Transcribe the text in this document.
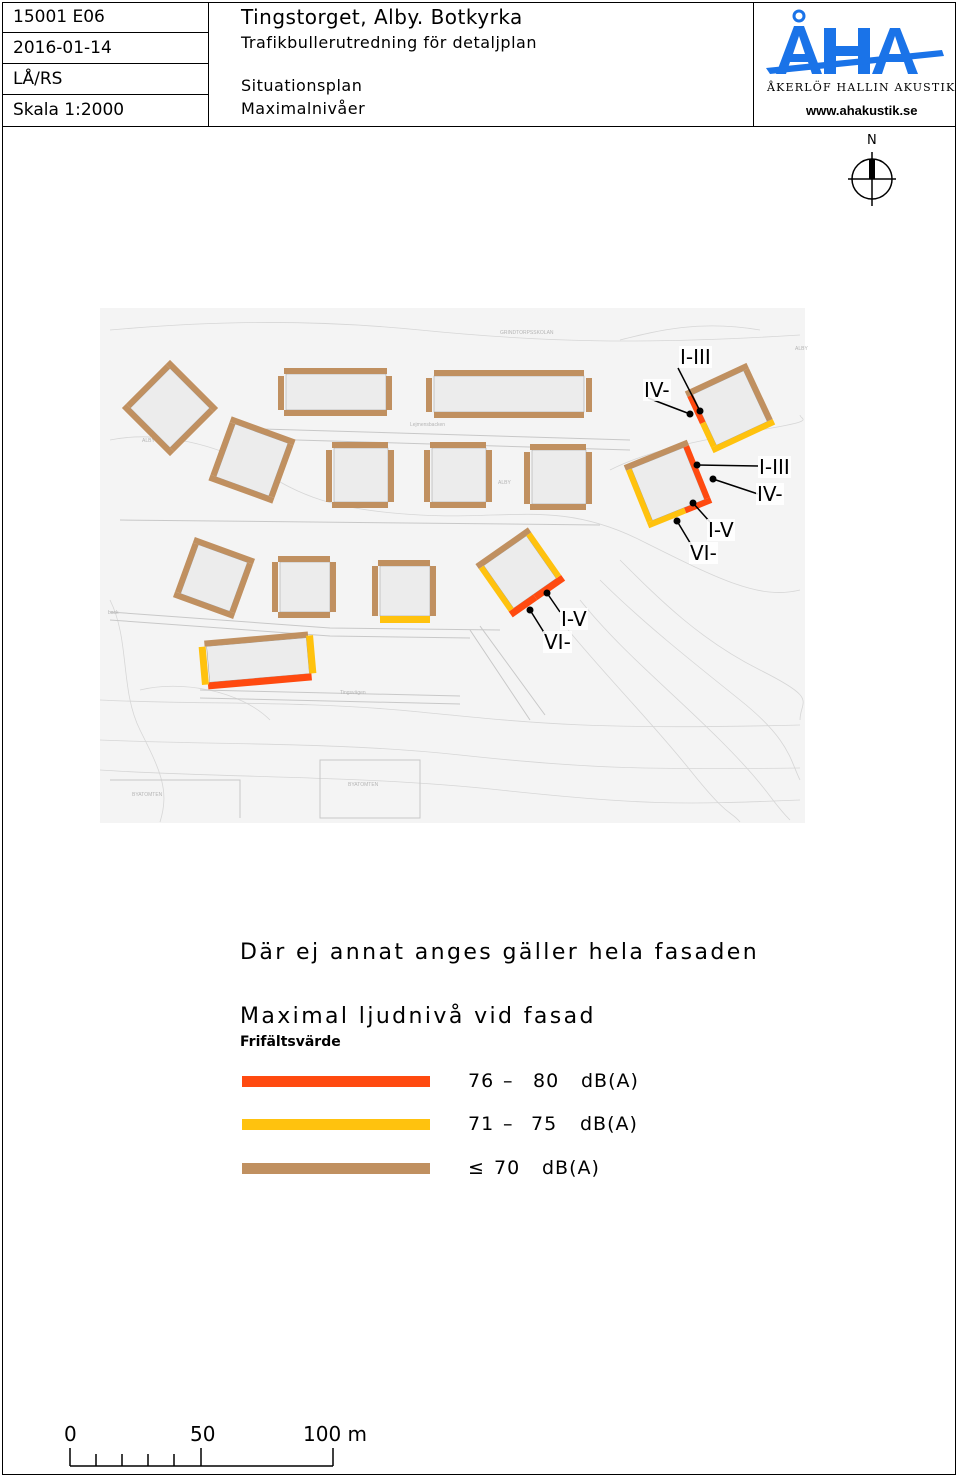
15001 E06
2016-01-14
LÅ/RS
Skala 1:2000
Tingstorget, Alby. Botkyrka
Trafikbullerutredning för detaljplan
Situationsplan
Maximalnivåer
ÅKERLÖF HALLIN AKUSTIK
www.ahakustik.se
N
GRINDTORPSSKOLAN
Lejmensbacken
Tingsvägen
BYATOMTEN
BYATOMTEN
back
ALBY
ALBY
ALBY
I-III
IV-
I-III
IV-
I-V
VI-
I-V
VI-
Där ej annat anges gäller hela fasaden
Maximal ljudnivå vid fasad
Frifältsvärde
76 – 80 dB(A)
71 – 75 dB(A)
≤ 70 dB(A)
0	50	100 m
